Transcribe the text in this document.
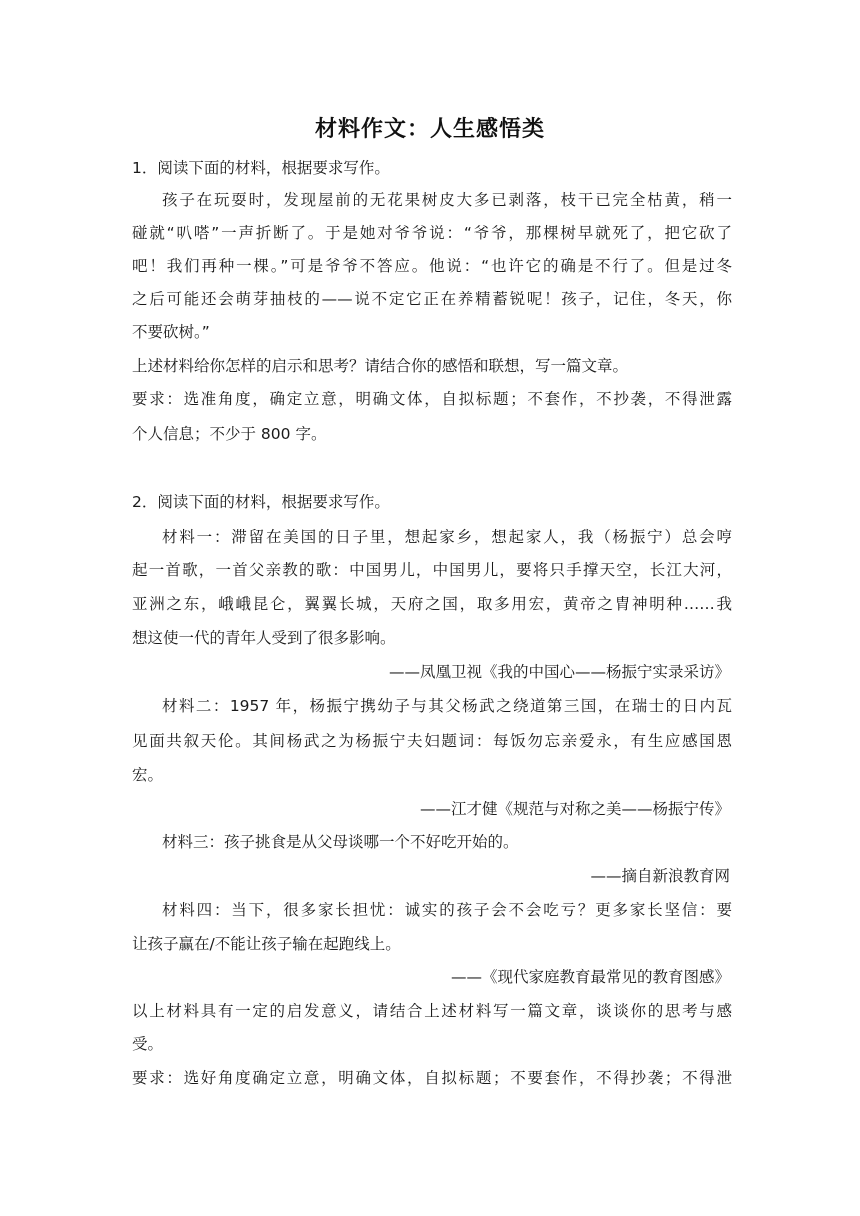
材料作文：人生感悟类
1．阅读下面的材料，根据要求写作。
孩子在玩耍时，发现屋前的无花果树皮大多已剥落，枝干已完全枯黄，稍一
碰就“叭嗒”一声折断了。于是她对爷爷说：“爷爷，那棵树早就死了，把它砍了
吧！我们再种一棵。”可是爷爷不答应。他说：“也许它的确是不行了。但是过冬
之后可能还会萌芽抽枝的——说不定它正在养精蓄锐呢！孩子，记住，冬天，你
不要砍树。”
上述材料给你怎样的启示和思考？请结合你的感悟和联想，写一篇文章。
要求：选准角度，确定立意，明确文体，自拟标题；不套作，不抄袭，不得泄露
个人信息；不少于 800 字。
2．阅读下面的材料，根据要求写作。
材料一：滞留在美国的日子里，想起家乡，想起家人，我（杨振宁）总会哼
起一首歌，一首父亲教的歌：中国男儿，中国男儿，要将只手撑天空，长江大河，
亚洲之东，峨峨昆仑，翼翼长城，天府之国，取多用宏，黄帝之胄神明种……我
想这使一代的青年人受到了很多影响。
——凤凰卫视《我的中国心——杨振宁实录采访》
材料二：1957 年，杨振宁携幼子与其父杨武之绕道第三国，在瑞士的日内瓦
见面共叙天伦。其间杨武之为杨振宁夫妇题词：每饭勿忘亲爱永，有生应感国恩
宏。
——江才健《规范与对称之美——杨振宁传》
材料三：孩子挑食是从父母谈哪一个不好吃开始的。
——摘自新浪教育网
材料四：当下，很多家长担忧：诚实的孩子会不会吃亏？更多家长坚信：要
让孩子赢在/不能让孩子输在起跑线上。
——《现代家庭教育最常见的教育图感》
以上材料具有一定的启发意义，请结合上述材料写一篇文章，谈谈你的思考与感
受。
要求：选好角度确定立意，明确文体，自拟标题；不要套作，不得抄袭；不得泄
